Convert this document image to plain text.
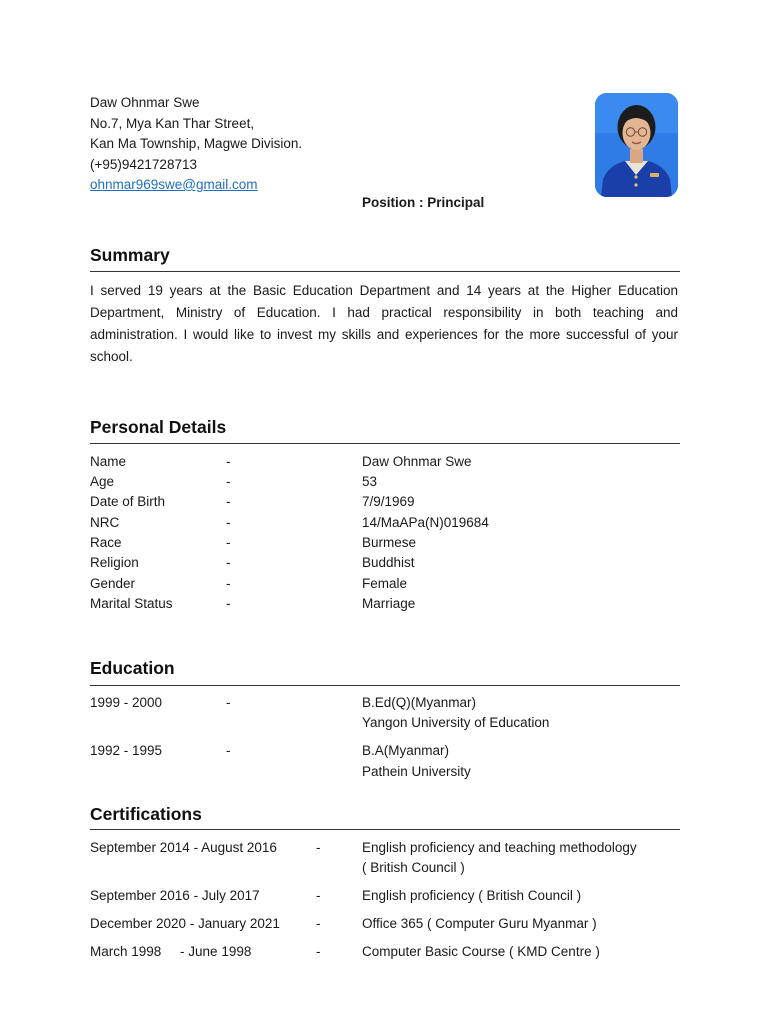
Daw Ohnmar Swe
No.7, Mya Kan Thar Street,
Kan Ma Township, Magwe Division.
(+95)9421728713
ohnmar969swe@gmail.com
Position : Principal
Summary
I served 19 years at the Basic Education Department and 14 years at the Higher Education Department, Ministry of Education. I had practical responsibility in both teaching and administration. I would like to invest my skills and experiences for the more successful of your school.
Personal Details
Name	-	Daw Ohnmar Swe
Age	-	53
Date of Birth	-	7/9/1969
NRC	-	14/MaAPa(N)019684
Race	-	Burmese
Religion	-	Buddhist
Gender	-	Female
Marital Status	-	Marriage
Education
1999 - 2000	-	B.Ed(Q)(Myanmar)
Yangon University of Education
1992 - 1995	-	B.A(Myanmar)
Pathein University
Certifications
September 2014 - August 2016	-	English proficiency and teaching methodology
( British Council )
September 2016 - July 2017	-	English proficiency ( British Council )
December 2020 - January 2021	-	Office 365 ( Computer Guru Myanmar )
March 1998     - June 1998	-	Computer Basic Course ( KMD Centre )
